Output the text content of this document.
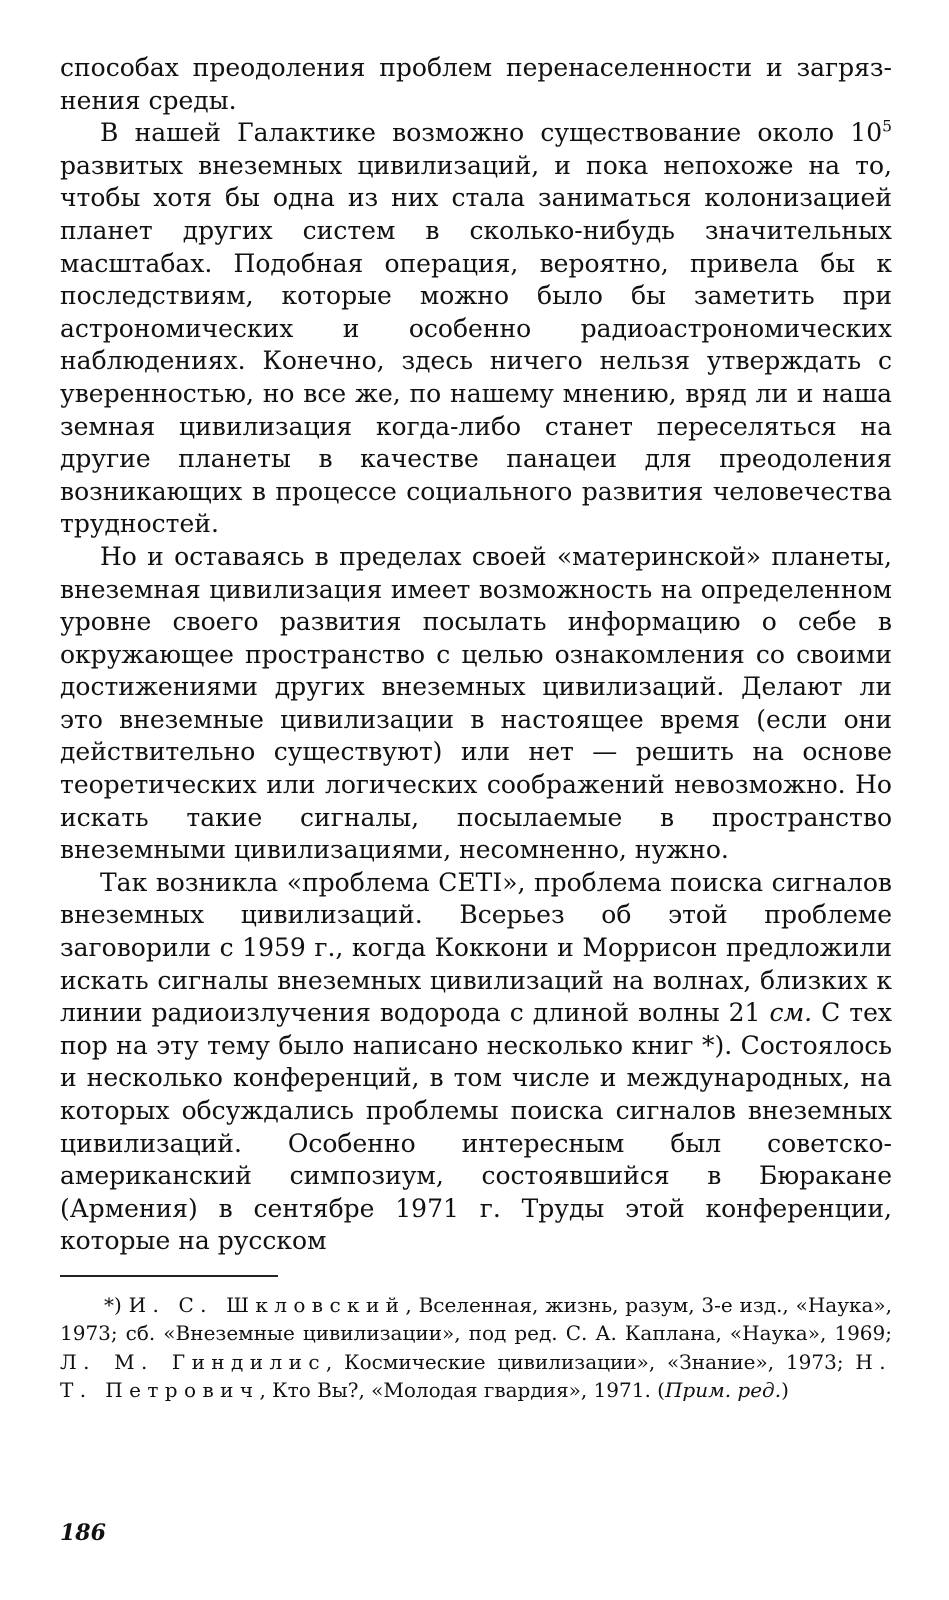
способах преодоления проблем перенаселенности и загрязнения среды.

В нашей Галактике возможно существование около $10^5$ развитых внеземных цивилизаций, и пока непохоже на то, чтобы хотя бы одна из них стала заниматься колонизацией планет других систем в сколько-нибудь значительных масштабах. Подобная операция, вероятно, привела бы к последствиям, которые можно было бы заметить при астрономических и особенно радиоастрономических наблюдениях. Конечно, здесь ничего нельзя утверждать с уверенностью, но все же, по нашему мнению, вряд ли и наша земная цивилизация когда-либо станет переселяться на другие планеты в качестве панацеи для преодоления возникающих в процессе социального развития человечества трудностей.

Но и оставаясь в пределах своей «материнской» планеты, внеземная цивилизация имеет возможность на определенном уровне своего развития посылать информацию о себе в окружающее пространство с целью ознакомления со своими достижениями других внеземных цивилизаций. Делают ли это внеземные цивилизации в настоящее время (если они действительно существуют) или нет — решить на основе теоретических или логических соображений невозможно. Но искать такие сигналы, посылаемые в пространство внеземными цивилизациями, несомненно, нужно.

Так возникла «проблема CETI», проблема поиска сигналов внеземных цивилизаций. Всерьез об этой проблеме заговорили с 1959 г., когда Коккони и Моррисон предложили искать сигналы внеземных цивилизаций на волнах, близких к линии радиоизлучения водорода с длиной волны 21 см. С тех пор на эту тему было написано несколько книг *). Состоялось и несколько конференций, в том числе и международных, на которых обсуждались проблемы поиска сигналов внеземных цивилизаций. Особенно интересным был советско-американский симпозиум, состоявшийся в Бюракане (Армения) в сентябре 1971 г. Труды этой конференции, которые на русском

*) И. С. Шкловский, Вселенная, жизнь, разум, 3-е изд., «Наука», 1973; сб. «Внеземные цивилизации», под ред. С. А. Каплана, «Наука», 1969; Л. М. Гиндилис, Космические цивилизации», «Знание», 1973; Н. Т. Петрович, Кто Вы?, «Молодая гвардия», 1971. (Прим. ред.)

186
